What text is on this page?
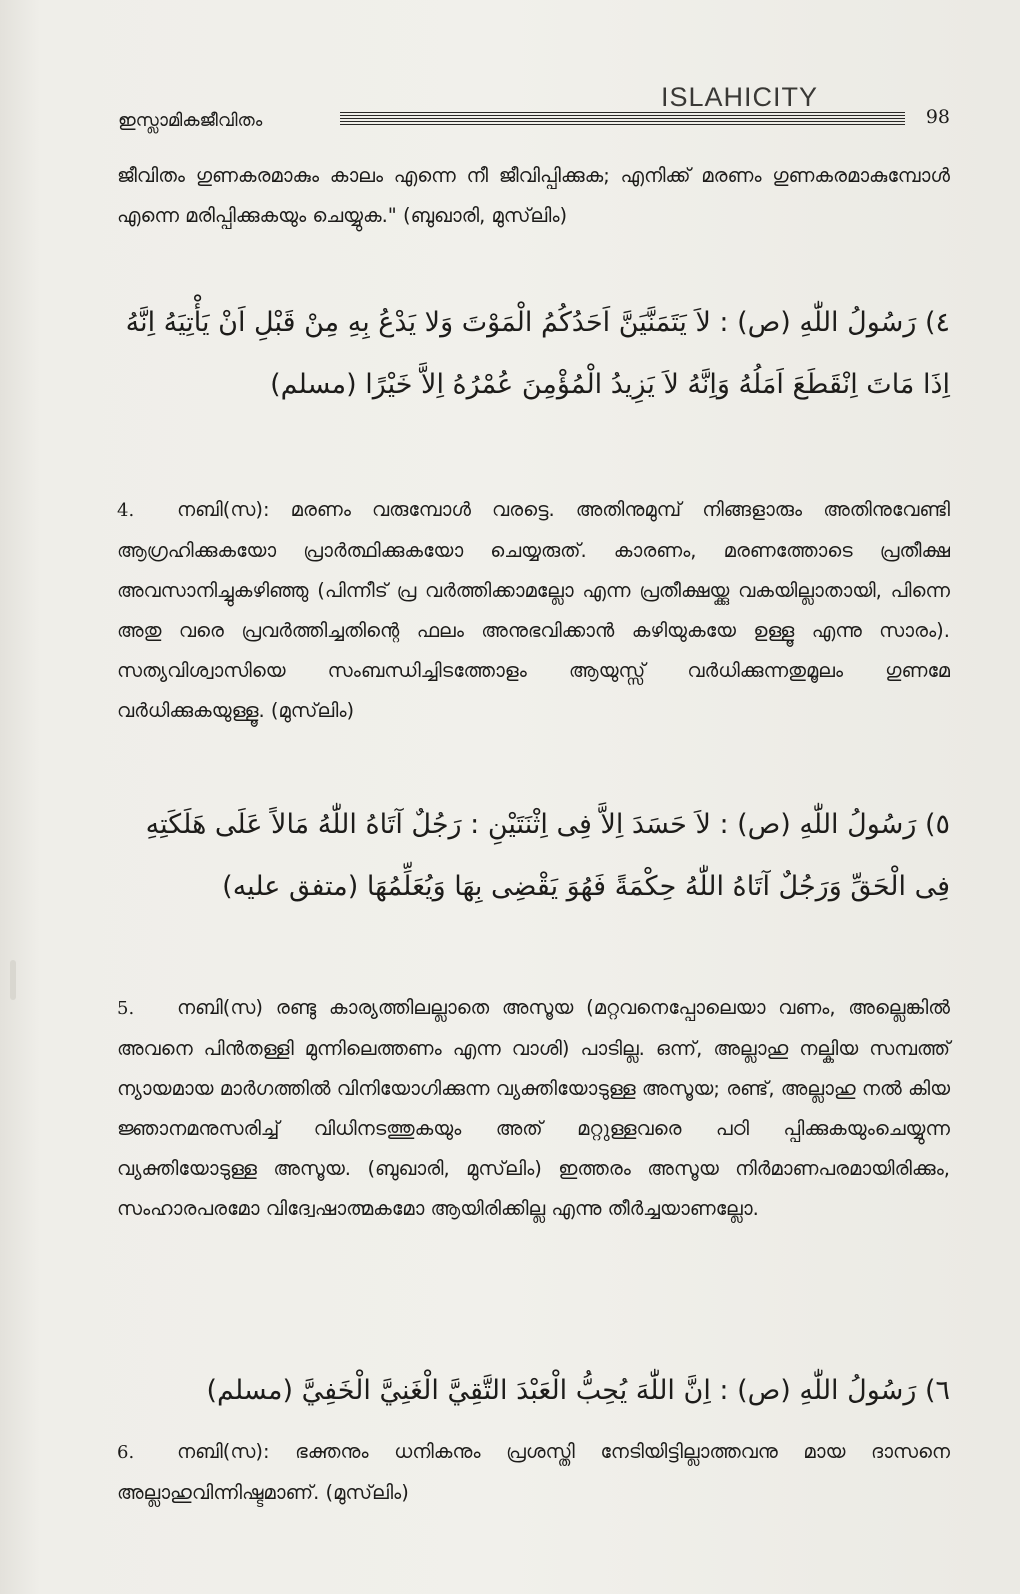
ഇസ്ലാമികജീവിതം
ISLAHICITY
98

ജീവിതം ഗുണകരമാകും കാലം എന്നെ നീ ജീവിപ്പിക്കുക; എനിക്ക് മരണം ഗുണകരമാകുമ്പോൾ എന്നെ മരിപ്പിക്കുകയും ചെയ്യുക." (ബുഖാരി, മുസ്‌ലിം)

٤) رَسُولُ اللّٰهِ (ص) : لاَ يَتَمَنَّيَنَّ اَحَدُكُمُ الْمَوْتَ وَلا يَدْعُ بِهِ مِنْ قَبْلِ اَنْ يَأْتِيَهُ اِنَّهُ اِذَا مَاتَ اِنْقَطَعَ اَمَلُهُ وَاِنَّهُ لاَ يَزِيدُ الْمُؤْمِنَ عُمْرُهُ اِلاَّ خَيْرًا (مسلم)

4. നബി(സ): മരണം വരുമ്പോൾ വരട്ടെ. അതിനുമുമ്പ് നിങ്ങളാരും അതിനുവേണ്ടി ആഗ്രഹിക്കുകയോ പ്രാർത്ഥിക്കുകയോ ചെയ്യരുത്. കാരണം, മരണത്തോടെ പ്രതീക്ഷ അവസാനിച്ചുകഴിഞ്ഞു (പിന്നീട് പ്ര വർത്തിക്കാമല്ലോ എന്ന പ്രതീക്ഷയ്ക്കു വകയില്ലാതായി, പിന്നെ അതു വരെ പ്രവർത്തിച്ചതിന്റെ ഫലം അനുഭവിക്കാൻ കഴിയുകയേ ഉള്ളൂ എന്നു സാരം). സത്യവിശ്വാസിയെ സംബന്ധിച്ചിടത്തോളം ആയുസ്സ് വർധിക്കുന്നതുമൂലം ഗുണമേ വർധിക്കുകയുള്ളൂ. (മുസ്‌ലിം)

٥) رَسُولُ اللّٰهِ (ص) : لاَ حَسَدَ اِلاَّ فِى اِثْنَتَيْنِ : رَجُلٌ آتَاهُ اللّٰهُ مَالاً عَلَى هَلَكَتِهِ فِى الْحَقِّ وَرَجُلٌ آتَاهُ اللّٰهُ حِكْمَةً فَهُوَ يَقْضِى بِهَا وَيُعَلِّمُهَا (متفق عليه)

5. നബി(സ) രണ്ടു കാര്യത്തിലല്ലാതെ അസൂയ (മറ്റവനെപ്പോലെയാ വണം, അല്ലെങ്കിൽ അവനെ പിൻതള്ളി മുന്നിലെത്തണം എന്ന വാശി) പാടില്ല. ഒന്ന്, അല്ലാഹു നല്കിയ സമ്പത്ത് ന്യായമായ മാർഗത്തിൽ വിനിയോഗിക്കുന്ന വ്യക്തിയോടുള്ള അസൂയ; രണ്ട്, അല്ലാഹു നൽ കിയ ജ്ഞാനമനുസരിച്ച് വിധിനടത്തുകയും അത് മറ്റുള്ളവരെ പഠി പ്പിക്കുകയുംചെയ്യുന്ന വ്യക്തിയോടുള്ള അസൂയ. (ബുഖാരി, മുസ്‌ലിം) ഇത്തരം അസൂയ നിർമാണപരമായിരിക്കും, സംഹാരപരമോ വിദ്വേഷാത്മകമോ ആയിരിക്കില്ല എന്നു തീർച്ചയാണല്ലോ.

٦) رَسُولُ اللّٰهِ (ص) : اِنَّ اللّٰهَ يُحِبُّ الْعَبْدَ التَّقِيَّ الْغَنِيَّ الْخَفِيَّ (مسلم)

6. നബി(സ): ഭക്തനും ധനികനും പ്രശസ്തി നേടിയിട്ടില്ലാത്തവനു മായ ദാസനെ അല്ലാഹുവിന്നിഷ്ടമാണ്. (മുസ്‌ലിം)
